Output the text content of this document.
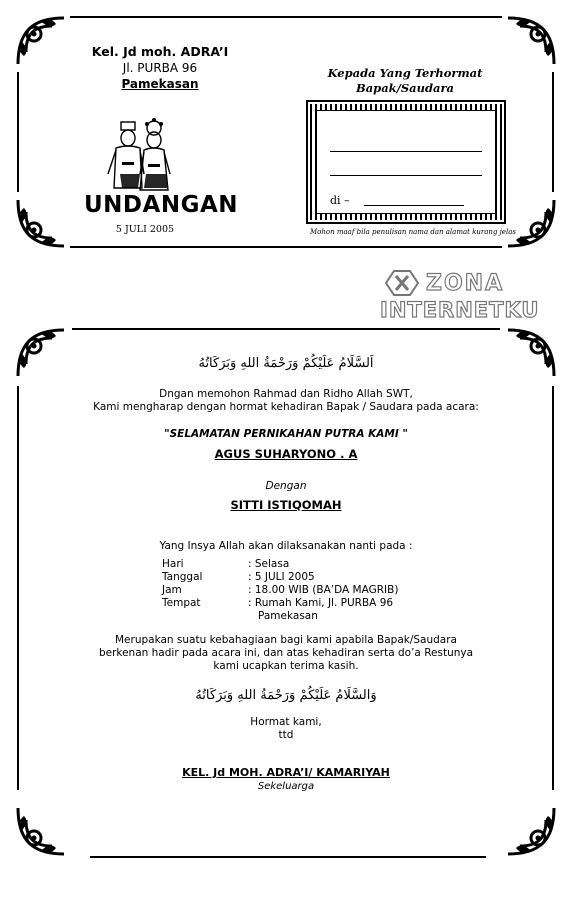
Kel. Jd moh. ADRA’I
Jl. PURBA 96
Pamekasan
UNDANGAN
5 JULI 2005
Kepada Yang Terhormat
Bapak/Saudara
di –
Mohon maaf bila penulisan nama dan alamat kurang jelas
ZONA
INTERNETKU
اَلسَّلَامُ عَلَيْكُمْ وَرَحْمَةُ اللهِ وَبَرَكَاتُهُ
Dngan memohon Rahmad dan Ridho Allah SWT,
Kami mengharap dengan hormat kehadiran Bapak / Saudara pada acara:
"SELAMATAN PERNIKAHAN PUTRA KAMI "
AGUS SUHARYONO . A
Dengan
SITTI ISTIQOMAH
Yang Insya Allah akan dilaksanakan nanti pada :
Hari	: Selasa
Tanggal	: 5 JULI 2005
Jam	: 18.00 WIB (BA’DA MAGRIB)
Tempat	: Rumah Kami, Jl. PURBA 96
Pamekasan
Merupakan suatu kebahagiaan bagi kami apabila Bapak/Saudara
berkenan hadir pada acara ini, dan atas kehadiran serta do’a Restunya
kami ucapkan terima kasih.
وَالسَّلَامُ عَلَيْكُمْ وَرَحْمَةُ اللهِ وَبَرَكَاتُهُ
Hormat kami,
ttd
KEL. Jd MOH. ADRA’I/ KAMARIYAH
Sekeluarga
